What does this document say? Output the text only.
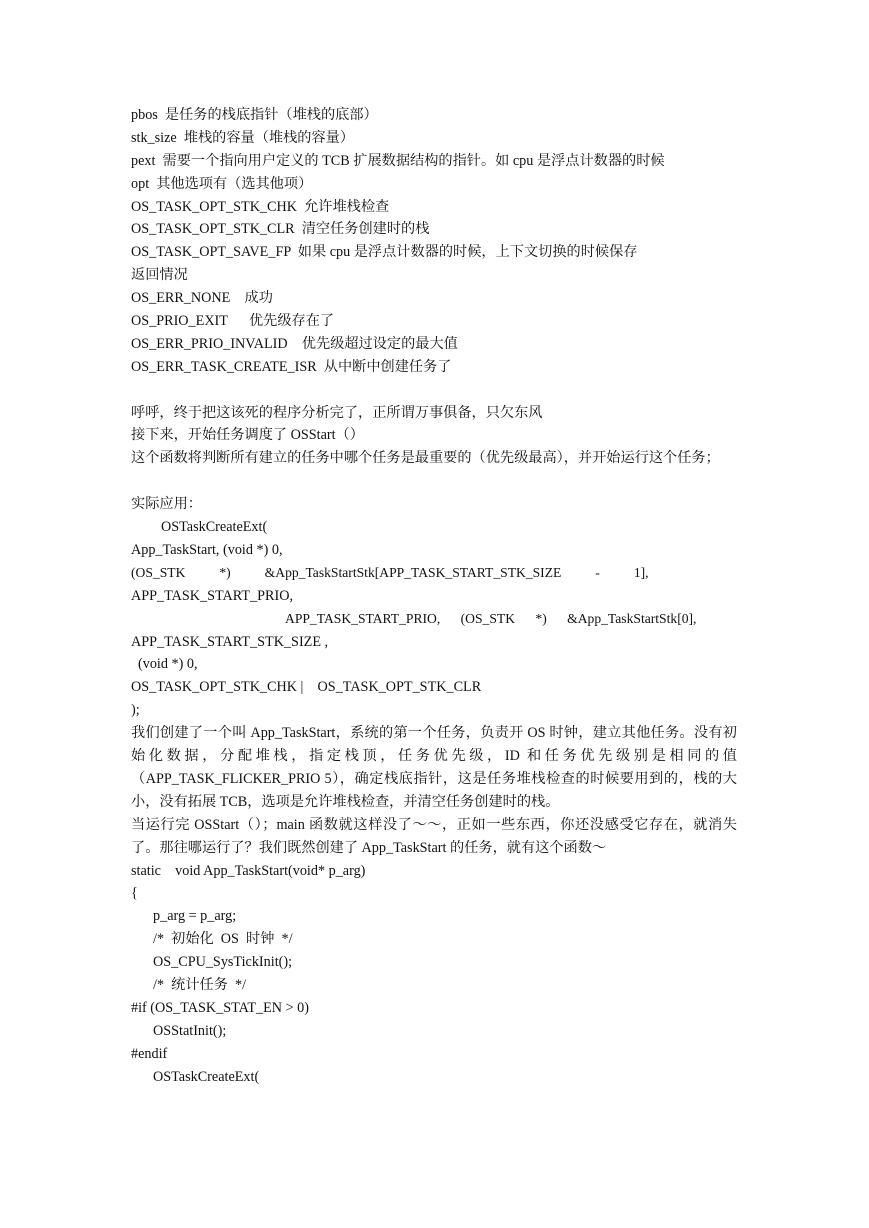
pbos  是任务的栈底指针（堆栈的底部）
stk_size  堆栈的容量（堆栈的容量）
pext  需要一个指向用户定义的 TCB 扩展数据结构的指针。如 cpu 是浮点计数器的时候
opt  其他选项有（选其他项）
OS_TASK_OPT_STK_CHK  允许堆栈检查
OS_TASK_OPT_STK_CLR  清空任务创建时的栈
OS_TASK_OPT_SAVE_FP  如果 cpu 是浮点计数器的时候，上下文切换的时候保存
返回情况
OS_ERR_NONE    成功
OS_PRIO_EXIT      优先级存在了
OS_ERR_PRIO_INVALID    优先级超过设定的最大值
OS_ERR_TASK_CREATE_ISR  从中断中创建任务了
呼呼，终于把这该死的程序分析完了，正所谓万事俱备，只欠东风
接下来，开始任务调度了 OSStart（）
这个函数将判断所有建立的任务中哪个任务是最重要的（优先级最高），并开始运行这个任务；
实际应用：
OSTaskCreateExt(
App_TaskStart, (void *) 0,
(OS_STK          *)          &App_TaskStartStk[APP_TASK_START_STK_SIZE          -          1],
APP_TASK_START_PRIO,
APP_TASK_START_PRIO,      (OS_STK      *)      &App_TaskStartStk[0],
APP_TASK_START_STK_SIZE ,
(void *) 0,
OS_TASK_OPT_STK_CHK |    OS_TASK_OPT_STK_CLR
);
我们创建了一个叫 App_TaskStart，系统的第一个任务，负责开 OS 时钟，建立其他任务。没有初始化数据，分配堆栈，指定栈顶，任务优先级，ID 和任务优先级别是相同的值（APP_TASK_FLICKER_PRIO 5），确定栈底指针，这是任务堆栈检查的时候要用到的，栈的大小，没有拓展 TCB，选项是允许堆栈检查，并清空任务创建时的栈。
当运行完 OSStart（）；main 函数就这样没了～～，正如一些东西，你还没感受它存在，就消失了。那往哪运行了？我们既然创建了 App_TaskStart 的任务，就有这个函数～
static    void App_TaskStart(void* p_arg)
{
p_arg = p_arg;
/*  初始化  OS  时钟  */
OS_CPU_SysTickInit();
/*  统计任务  */
#if (OS_TASK_STAT_EN > 0)
OSStatInit();
#endif
OSTaskCreateExt(
